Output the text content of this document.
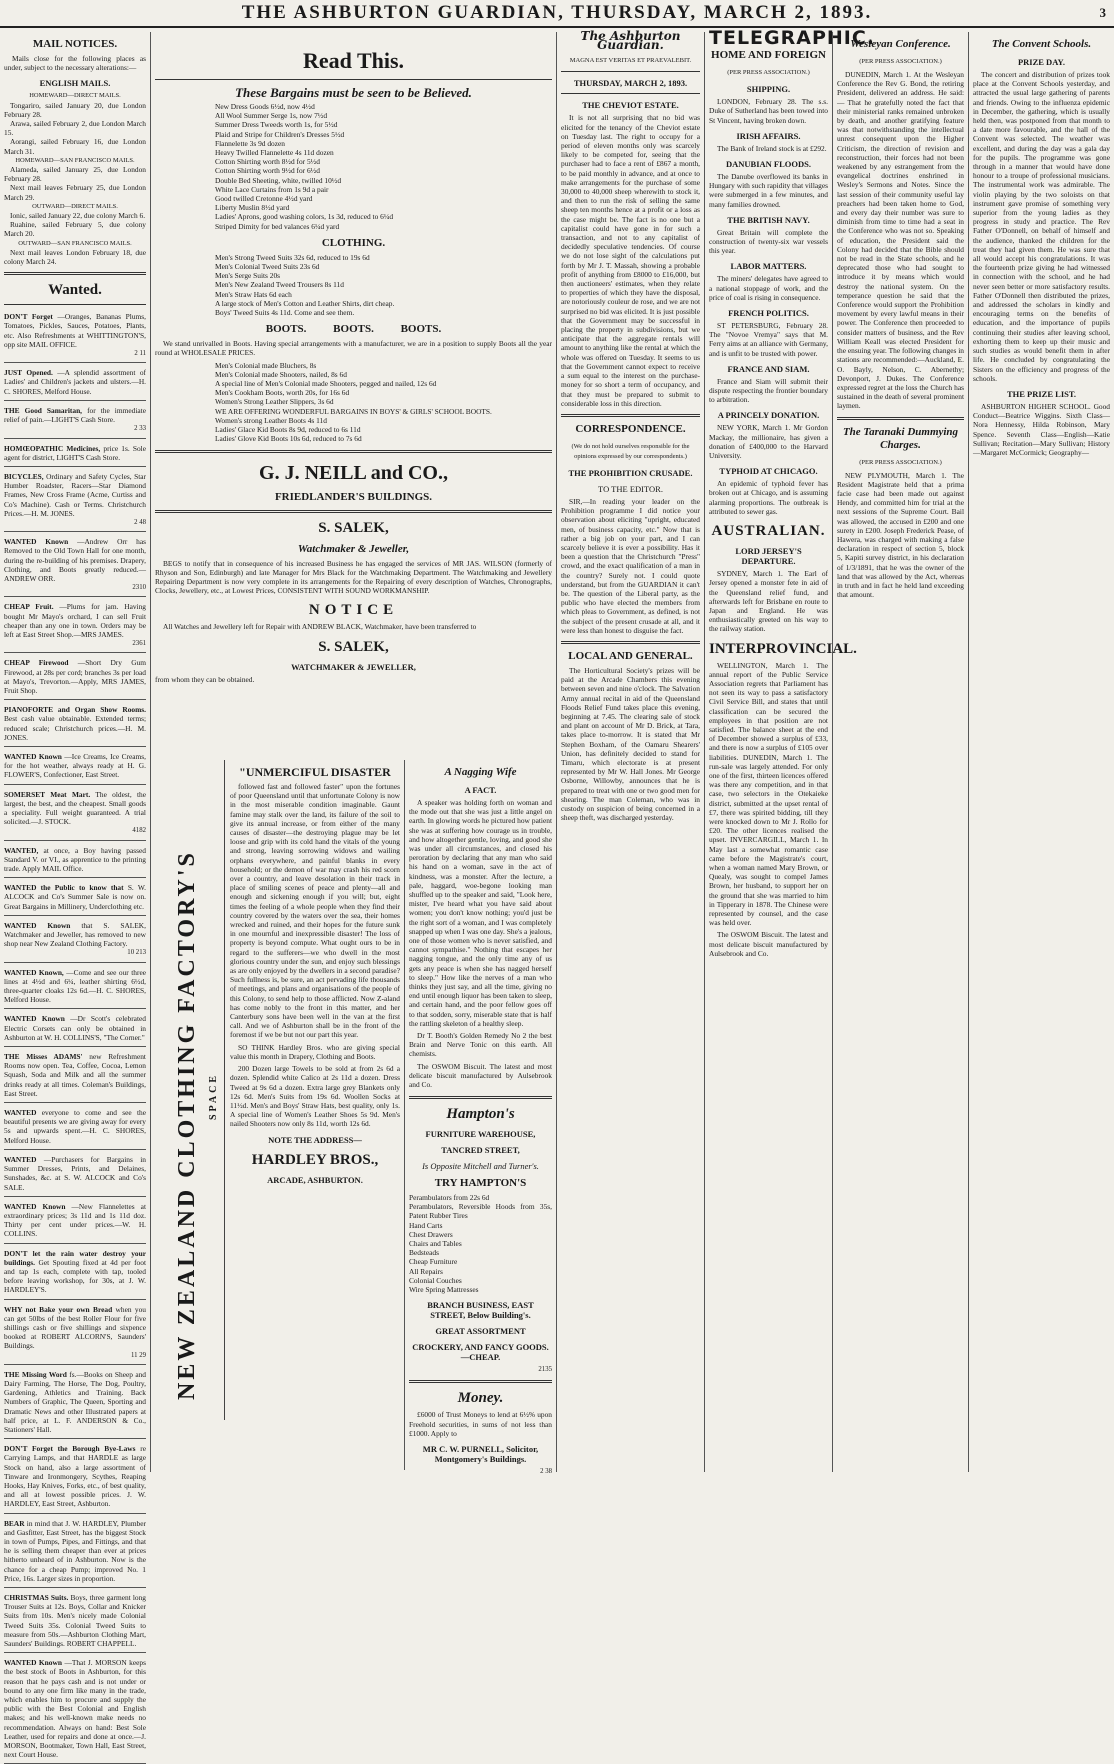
THE ASHBURTON GUARDIAN, THURSDAY, MARCH 2, 1893.	3
MAIL NOTICES.

Mails close for the following places as under, subject to the necessary alterations:—

ENGLISH MAILS.
HOMEWARD—DIRECT MAILS.
Tongariro, sailed January 20, due London February 28.
Arawa, sailed February 2, due London March 15.
Aorangi, sailed February 16, due London March 31.
HOMEWARD—SAN FRANCISCO MAILS.
Alameda, sailed January 25, due London February 28.
Next mail leaves February 25, due London March 29.
OUTWARD—DIRECT MAILS.
Ionic, sailed January 22, due colony March 6.
Ruahine, sailed February 5, due colony March 20.
OUTWARD—SAN FRANCISCO MAILS.
Next mail leaves London February 18, due colony March 24.
Wanted.
DON'T Forget —Oranges, Bananas Plums, Tomatoes, Pickles, Sauces, Potatoes, Plants, etc. Also Refreshments at WHITTINGTON'S, opp site MAIL OFFICE.
2 11
JUST Opened. —A splendid assortment of Ladies' and Children's jackets and ulsters.—H. C. SHORES, Melford House.
THE Good Samaritan, for the immediate relief of pain.—LIGHT'S Cash Store.
2 33
HOMŒOPATHIC Medicines, price 1s. Sole agent for district, LIGHT'S Cash Store.
BICYCLES, Ordinary and Safety Cycles, Star Humber Roadster, Racers—Star Diamond Frames, New Cross Frame (Acme, Curtiss and Co's Machine). Cash or Terms. Christchurch Prices.—H. M. JONES.
2 48
WANTED Known —Andrew Orr has Removed to the Old Town Hall for one month, during the re-building of his premises. Drapery, Clothing, and Boots greatly reduced.—ANDREW ORR.
2310
CHEAP Fruit. —Plums for jam. Having bought Mr Mayo's orchard, I can sell Fruit cheaper than any one in town. Orders may be left at East Street Shop.—MRS JAMES.
2361
CHEAP Firewood —Short Dry Gum Firewood, at 28s per cord; branches 3s per load at Mayo's, Trevorton.—Apply, MRS JAMES, Fruit Shop.
PIANOFORTE and Organ Show Rooms. Best cash value obtainable. Extended terms; reduced scale; Christchurch prices.—H. M. JONES.
WANTED Known —Ice Creams, Ice Creams, for the hot weather, always ready at H. G. FLOWER'S, Confectioner, East Street.
SOMERSET Meat Mart. The oldest, the largest, the best, and the cheapest. Small goods a speciality. Full weight guaranteed. A trial solicited.—J. STOCK.
4182
WANTED, at once, a Boy having passed Standard V. or VI., as apprentice to the printing trade. Apply MAIL Office.
WANTED the Public to know that S. W. ALCOCK and Co's Summer Sale is now on. Great Bargains in Millinery, Underclothing etc.
WANTED Known that S. SALEK, Watchmaker and Jeweller, has removed to new shop near New Zealand Clothing Factory.
10 213
WANTED Known, —Come and see our three lines at 4½d and 6¼, leather shirting 6½d, three-quarter cloaks 12s 6d.—H. C. SHORES, Melford House.
WANTED Known —Dr Scott's celebrated Electric Corsets can only be obtained in Ashburton at W. H. COLLINS'S, "The Corner."
THE Misses ADAMS' new Refreshment Rooms now open. Tea, Coffee, Cocoa, Lemon Squash, Soda and Milk and all the summer drinks ready at all times. Coleman's Buildings, East Street.
WANTED everyone to come and see the beautiful presents we are giving away for every 5s and upwards spent.—H. C. SHORES, Melford House.
WANTED —Purchasers for Bargains in Summer Dresses, Prints, and Delaines, Sunshades, &c. at S. W. ALCOCK and Co's SALE.
WANTED Known —New Flannelettes at extraordinary prices; 3s 11d and 1s 11d doz. Thirty per cent under prices.—W. H. COLLINS.
DON'T let the rain water destroy your buildings. Get Spouting fixed at 4d per foot and tap 1s each, complete with tap, tooled before leaving workshop, for 30s, at J. W. HARDLEY'S.
WHY not Bake your own Bread when you can get 50lbs of the best Roller Flour for five shillings cash or five shillings and sixpence booked at ROBERT ALCORN'S, Saunders' Buildings.
11 29
THE Missing Word fs.—Books on Sheep and Dairy Farming, The Horse, The Dog, Poultry, Gardening, Athletics and Training. Back Numbers of Graphic, The Queen, Sporting and Dramatic News and other Illustrated papers at half price, at L. F. ANDERSON & Co., Stationers' Hall.
DON'T Forget the Borough Bye-Laws re Carrying Lamps, and that HARDLE as large Stock on hand, also a large assortment of Tinware and Ironmongery, Scythes, Reaping Hooks, Hay Knives, Forks, etc., of best quality, and all at lowest possible prices. J. W. HARDLEY, East Street, Ashburton.
BEAR in mind that J. W. HARDLEY, Plumber and Gasfitter, East Street, has the biggest Stock in town of Pumps, Pipes, and Fittings, and that he is selling them cheaper than ever at prices hitherto unheard of in Ashburton. Now is the chance for a cheap Pump; improved No. 1 Price, 16s. Larger sizes in proportion.
CHRISTMAS Suits. Boys, three garment long Trouser Suits at 12s. Boys, Collar and Knicker Suits from 10s. Men's nicely made Colonial Tweed Suits 35s. Colonial Tweed Suits to measure from 50s.—Ashburton Clothing Mart, Saunders' Buildings. ROBERT CHAPPELL.
WANTED Known —That J. MORSON keeps the best stock of Boots in Ashburton, for this reason that he pays cash and is not under or bound to any one firm like many in the trade, which enables him to procure and supply the public with the Best Colonial and English makes; and his well-known make needs no recommendation. Always on hand: Best Sole Leather, used for repairs and done at once.—J. MORSON, Bootmaker, Town Hall, East Street, next Court House.
Read This.
These Bargains must be seen to be Believed.
New Dress Goods 6½d, now 4½d
All Wool Summer Serge 1s, now 7½d
Summer Dress Tweeds worth 1s, for 5½d
Plaid and Stripe for Children's Dresses 5½d
Flannelette 3s 9d dozen
Heavy Twilled Flannelette 4s 11d dozen
Cotton Shirting worth 8½d for 5½d
Cotton Shirting worth 9½d for 6½d
Double Bed Sheeting, white, twilled 10½d
White Lace Curtains from 1s 9d a pair
Good twilled Cretonne 4½d yard
Liberty Muslin 8½d yard
Ladies' Aprons, good washing colors, 1s 3d, reduced to 6¼d
Striped Dimity for bed valances 6¼d yard
CLOTHING.
Men's Strong Tweed Suits 32s 6d, reduced to 19s 6d
Men's Colonial Tweed Suits 23s 6d
Men's Serge Suits 20s
Men's New Zealand Tweed Trousers 8s 11d
Men's Straw Hats 6d each
A large stock of Men's Cotton and Leather Shirts, dirt cheap.
Boys' Tweed Suits 4s 11d. Come and see them.
BOOTS. BOOTS. BOOTS.

We stand unrivalled in Boots. Having special arrangements with a manufacturer, we are in a position to supply Boots all the year round at WHOLESALE PRICES.

Men's Colonial made Bluchers, 8s
Men's Colonial made Shooters, nailed, 8s 6d
A special line of Men's Colonial made Shooters, pegged and nailed, 12s 6d
Men's Cookham Boots, worth 20s, for 16s 6d
Women's Strong Leather Slippers, 3s 6d
WE ARE OFFERING WONDERFUL BARGAINS IN BOYS' & GIRLS' SCHOOL BOOTS.
Women's strong Leather Boots 4s 11d
Ladies' Glace Kid Boots 8s 9d, reduced to 6s 11d
Ladies' Glove Kid Boots 10s 6d, reduced to 7s 6d
G. J. NEILL and CO.,
FRIEDLANDER'S BUILDINGS.
S. SALEK,
Watchmaker & Jeweller,

BEGS to notify that in consequence of his increased Business he has engaged the services of MR JAS. WILSON (formerly of Rhyson and Son, Edinburgh) and late Manager for Mrs Black for the Watchmaking Department. The Watchmaking and Jewellery Repairing Department is now very complete in its arrangements for the Repairing of every description of Watches, Chronographs, Clocks, Jewellery, etc., at Lowest Prices, CONSISTENT WITH SOUND WORKMANSHIP.

NOTICE

All Watches and Jewellery left for Repair with ANDREW BLACK, Watchmaker, have been transferred to

S. SALEK,
WATCHMAKER & JEWELLER,

from whom they can be obtained.

NEW ZEALAND CLOTHING FACTORY'S SPACE
"UNMERCIFUL DISASTER

followed fast and followed faster" upon the fortunes of poor Queensland until that unfortunate Colony is now in the most miserable condition imaginable. Gaunt famine may stalk over the land, its failure of the soil to give its annual increase, or from either of the many causes of disaster—the destroying plague may be let loose and grip with its cold hand the vitals of the young and strong, leaving sorrowing widows and wailing orphans everywhere, and painful blanks in every household; or the demon of war may crash his red scorn over a country, and leave desolation in their track in place of smiling scenes of peace and plenty—all and enough and sickening enough if you will; but, eight times the feeling of a whole people when they find their country covered by the waters over the sea, their homes wrecked and ruined, and their hopes for the future sunk in one mournful and inexpressible disaster! The loss of property is beyond compute. What ought ours to be in regard to the sufferers—we who dwell in the most glorious country under the sun, and enjoy such blessings as are only enjoyed by the dwellers in a second paradise? Such fullness is, be sure, an act pervading life thousands of meetings, and plans and organisations of the people of this Colony, to send help to those afflicted. Now Z-aland has come nobly to the front in this matter, and her Canterbury sons have been well in the van at the first call. And we of Ashburton shall be in the front of the foremost if we be but not our part this year.

SO THINK Hardley Bros. who are giving special value this month in Drapery, Clothing and Boots.

200 Dozen large Towels to be sold at from 2s 6d a dozen. Splendid white Calico at 2s 11d a dozen. Dress Tweed at 9s 6d a dozen. Extra large grey Blankets only 12s 6d. Men's Suits from 19s 6d. Woollen Socks at 11½d. Men's and Boys' Straw Hats, best quality, only 1s. A special line of Women's Leather Shoes 5s 9d. Men's nailed Shooters now only 8s 11d, worth 12s 6d.

NOTE THE ADDRESS—
HARDLEY BROS.,
ARCADE, ASHBURTON.
A Nagging Wife
A FACT.

A speaker was holding forth on woman and the mode out that she was just a little angel on earth. In glowing words he pictured how patient she was at suffering how courage us in trouble, and how altogether gentle, loving, and good she was under all circumstances, and closed his peroration by declaring that any man who said his hand on a woman, save in the act of kindness, was a monster. After the lecture, a pale, haggard, woe-begone looking man shuffled up to the speaker and said, "Look here, mister, I've heard what you have said about women; you don't know nothing; you'd just be the right sort of a woman, and I was completely snapped up when I was one day. She's a jealous, one of those women who is never satisfied, and cannot sympathise." Nothing that escapes her nagging tongue, and the only time any of us gets any peace is when she has nagged herself to sleep." How like the nerves of a man who thinks they just say, and all the time, giving no end until enough liquor has been taken to sleep, and certain hand, and the poor fellow goes off to that sodden, sorry, miserable state that is half the rattling skeleton of a healthy sleep.

Dr T. Booth's Golden Remedy No 2 the best Brain and Nerve Tonic on this earth. All chemists.

The OSWOM Biscuit. The latest and most delicate biscuit manufactured by Aulsebrook and Co.

Hampton's
FURNITURE WAREHOUSE,
TANCRED STREET,
Is Opposite Mitchell and Turner's.
TRY HAMPTON'S
Perambulators from 22s 6d
Perambulators, Reversible Hoods from 35s, Patent Rubber Tires
Hand Carts
Chest Drawers
Chairs and Tables
Bedsteads
Cheap Furniture
All Repairs
Colonial Couches
Wire Spring Mattresses
BRANCH BUSINESS, EAST STREET, Below Building's.
GREAT ASSORTMENT
CROCKERY, AND FANCY GOODS.—CHEAP.
2135
Money.

£6000 of Trust Moneys to lend at 6½% upon Freehold securities, in sums of not less than £1000. Apply to

MR C. W. PURNELL, Solicitor, Montgomery's Buildings.
2 38
The Ashburton Guardian.
MAGNA EST VERITAS ET PRAEVALEBIT.
THURSDAY, MARCH 2, 1893.
THE CHEVIOT ESTATE.

It is not all surprising that no bid was elicited for the tenancy of the Cheviot estate on Tuesday last. The right to occupy for a period of eleven months only was scarcely likely to be competed for, seeing that the purchaser had to face a rent of £867 a month, to be paid monthly in advance, and at once to make arrangements for the purchase of some 30,000 to 40,000 sheep wherewith to stock it, and then to run the risk of selling the same sheep ten months hence at a profit or a loss as the case might be. The fact is no one but a capitalist could have gone in for such a transaction, and not to any capitalist of decidedly speculative tendencies. Of course we do not lose sight of the calculations put forth by Mr J. T. Massah, showing a probable profit of anything from £8000 to £16,000, but then auctioneers' estimates, when they relate to properties of which they have the disposal, are notoriously couleur de rose, and we are not surprised no bid was elicited. It is just possible that the Government may be successful in placing the property in subdivisions, but we anticipate that the aggregate rentals will amount to anything like the rental at which the whole was offered on Tuesday. It seems to us that the Government cannot expect to receive a sum equal to the interest on the purchase-money for so short a term of occupancy, and that they must be prepared to submit to considerable loss in this direction.

CORRESPONDENCE.
(We do not hold ourselves responsible for the opinions expressed by our correspondents.)
THE PROHIBITION CRUSADE.
TO THE EDITOR.

SIR,—In reading your leader on the Prohibition programme I did notice your observation about eliciting "upright, educated men, of business capacity, etc." Now that is rather a big job on your part, and I can scarcely believe it is ever a possibility. Has it been a question that the Christchurch "Press" crowd, and the exact qualification of a man in the country? Surely not. I could quote understand, but from the GUARDIAN it can't be. The question of the Liberal party, as the public who have elected the members from which pleas to Government, as defined, is not the subject of the present crusade at all, and it were less than honest to disguise the fact.

LOCAL AND GENERAL.

The Horticultural Society's prizes will be paid at the Arcade Chambers this evening between seven and nine o'clock. The Salvation Army annual recital in aid of the Queensland Floods Relief Fund takes place this evening, beginning at 7.45. The clearing sale of stock and plant on account of Mr D. Brick, at Tara, takes place to-morrow. It is stated that Mr Stephen Boxham, of the Oamaru Shearers' Union, has definitely decided to stand for Timaru, which electorate is at present represented by Mr W. Hall Jones. Mr George Osborne, Willowby, announces that he is prepared to treat with one or two good men for shearing. The man Coleman, who was in custody on suspicion of being concerned in a sheep theft, was discharged yesterday.

TELEGRAPHIC.
HOME AND FOREIGN
(PER PRESS ASSOCIATION.)
SHIPPING.

LONDON, February 28. The s.s. Duke of Sutherland has been towed into St Vincent, having broken down.

IRISH AFFAIRS.

The Bank of Ireland stock is at £292.

DANUBIAN FLOODS.

The Danube overflowed its banks in Hungary with such rapidity that villages were submerged in a few minutes, and many families drowned.

THE BRITISH NAVY.

Great Britain will complete the construction of twenty-six war vessels this year.

LABOR MATTERS.

The miners' delegates have agreed to a national stoppage of work, and the price of coal is rising in consequence.

FRENCH POLITICS.

ST PETERSBURG, February 28. The "Novoe Vremya" says that M. Ferry aims at an alliance with Germany, and is unfit to be trusted with power.

FRANCE AND SIAM.

France and Siam will submit their dispute respecting the frontier boundary to arbitration.

A PRINCELY DONATION.

NEW YORK, March 1. Mr Gordon Mackay, the millionaire, has given a donation of £400,000 to the Harvard University.

TYPHOID AT CHICAGO.

An epidemic of typhoid fever has broken out at Chicago, and is assuming alarming proportions. The outbreak is attributed to sewer gas.

AUSTRALIAN.
LORD JERSEY'S DEPARTURE.

SYDNEY, March 1. The Earl of Jersey opened a monster fete in aid of the Queensland relief fund, and afterwards left for Brisbane en route to Japan and England. He was enthusiastically greeted on his way to the railway station.

INTERPROVINCIAL.

WELLINGTON, March 1. The annual report of the Public Service Association regrets that Parliament has not seen its way to pass a satisfactory Civil Service Bill, and states that until classification can be secured the employees in that position are not satisfied. The balance sheet at the end of December showed a surplus of £33, and there is now a surplus of £105 over liabilities. DUNEDIN, March 1. The run-sale was largely attended. For only one of the first, thirteen licences offered was there any competition, and in that case, two selectors in the Otekaieke district, submitted at the upset rental of £7, there was spirited bidding, till they were knocked down to Mr J. Rollo for £20. The other licences realised the upset. INVERCARGILL, March 1. In May last a somewhat romantic case came before the Magistrate's court, when a woman named Mary Brown, or Quealy, was sought to compel James Brown, her husband, to support her on the ground that she was married to him in Tipperary in 1878. The Chinese were represented by counsel, and the case was held over.

The OSWOM Biscuit. The latest and most delicate biscuit manufactured by Aulsebrook and Co.

Wesleyan Conference.
(PER PRESS ASSOCIATION.)

DUNEDIN, March 1. At the Wesleyan Conference the Rev G. Bond, the retiring President, delivered an address. He said:— That he gratefully noted the fact that their ministerial ranks remained unbroken by death, and another gratifying feature was that notwithstanding the intellectual unrest consequent upon the Higher Criticism, the direction of revision and reconstruction, their forces had not been weakened by any estrangement from the evangelical doctrines enshrined in Wesley's Sermons and Notes. Since the last session of their community useful lay preachers had been taken home to God, and every day their number was sure to diminish from time to time had a seat in the Conference who was not so. Speaking of education, the President said the Colony had decided that the Bible should not be read in the State schools, and he deprecated those who had sought to introduce it by means which would destroy the national system. On the temperance question he said that the Conference would support the Prohibition movement by every lawful means in their power. The Conference then proceeded to consider matters of business, and the Rev William Keall was elected President for the ensuing year. The following changes in stations are recommended:—Auckland, E. O. Bayly, Nelson, C. Abernethy; Devonport, J. Dukes. The Conference expressed regret at the loss the Church has sustained in the death of several prominent laymen.

The Taranaki Dummying Charges.
(PER PRESS ASSOCIATION.)

NEW PLYMOUTH, March 1. The Resident Magistrate held that a prima facie case had been made out against Hendy, and committed him for trial at the next sessions of the Supreme Court. Bail was allowed, the accused in £200 and one surety in £200. Joseph Frederick Pease, of Hawera, was charged with making a false declaration in respect of section 5, block 5, Kapiti survey district, in his declaration of 1/3/1891, that he was the owner of the land that was allowed by the Act, whereas in truth and in fact he held land exceeding that amount.

The Convent Schools.
PRIZE DAY.

The concert and distribution of prizes took place at the Convent Schools yesterday, and attracted the usual large gathering of parents and friends. Owing to the influenza epidemic in December, the gathering, which is usually held then, was postponed from that month to a date more favourable, and the hall of the Convent was selected. The weather was excellent, and during the day was a gala day for the pupils. The programme was gone through in a manner that would have done honour to a troupe of professional musicians. The instrumental work was admirable. The violin playing by the two soloists on that instrument gave promise of something very superior from the young ladies as they progress in study and practice. The Rev Father O'Donnell, on behalf of himself and the audience, thanked the children for the treat they had given them. He was sure that all would accept his congratulations. It was the fourteenth prize giving he had witnessed in connection with the school, and he had never seen better or more satisfactory results. Father O'Donnell then distributed the prizes, and addressed the scholars in kindly and encouraging terms on the benefits of education, and the importance of pupils continuing their studies after leaving school, exhorting them to keep up their music and such studies as would benefit them in after life. He concluded by congratulating the Sisters on the efficiency and progress of the schools.

THE PRIZE LIST.

ASHBURTON HIGHER SCHOOL. Good Conduct—Beatrice Wiggins. Sixth Class—Nora Hennessy, Hilda Robinson, Mary Spence. Seventh Class—English—Katie Sullivan; Recitation—Mary Sullivan; History—Margaret McCormick; Geography—
